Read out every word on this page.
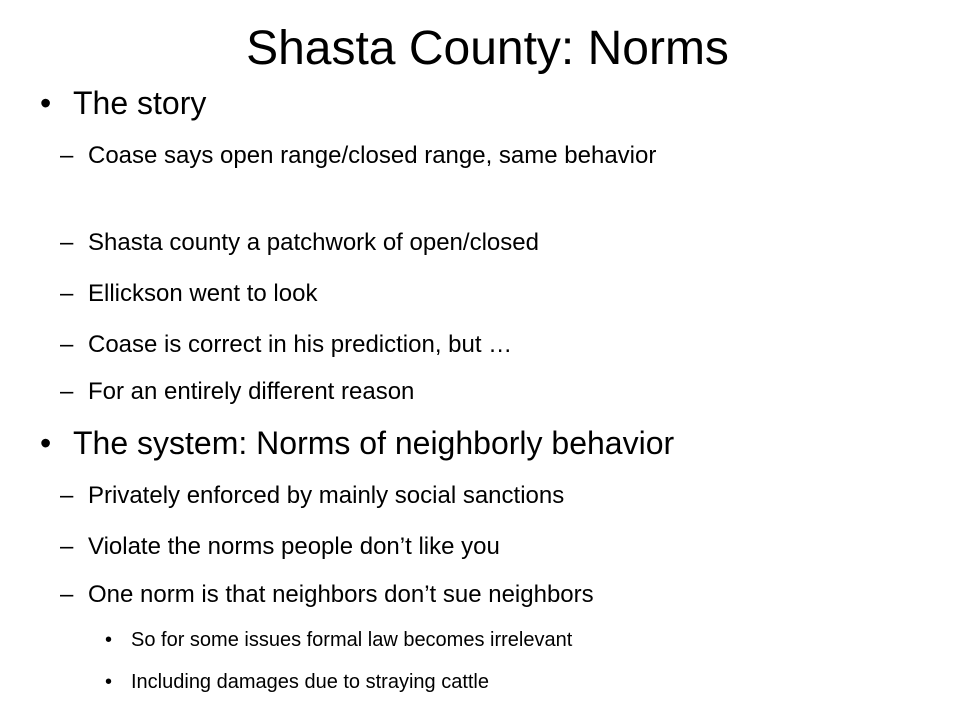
Shasta County: Norms
• The story
– Coase says open range/closed range, same behavior
– Shasta county a patchwork of open/closed
– Ellickson went to look
– Coase is correct in his prediction, but …
– For an entirely different reason
• The system: Norms of neighborly behavior
– Privately enforced by mainly social sanctions
– Violate the norms people don’t like you
– One norm is that neighbors don’t sue neighbors
• So for some issues formal law becomes irrelevant
• Including damages due to straying cattle
